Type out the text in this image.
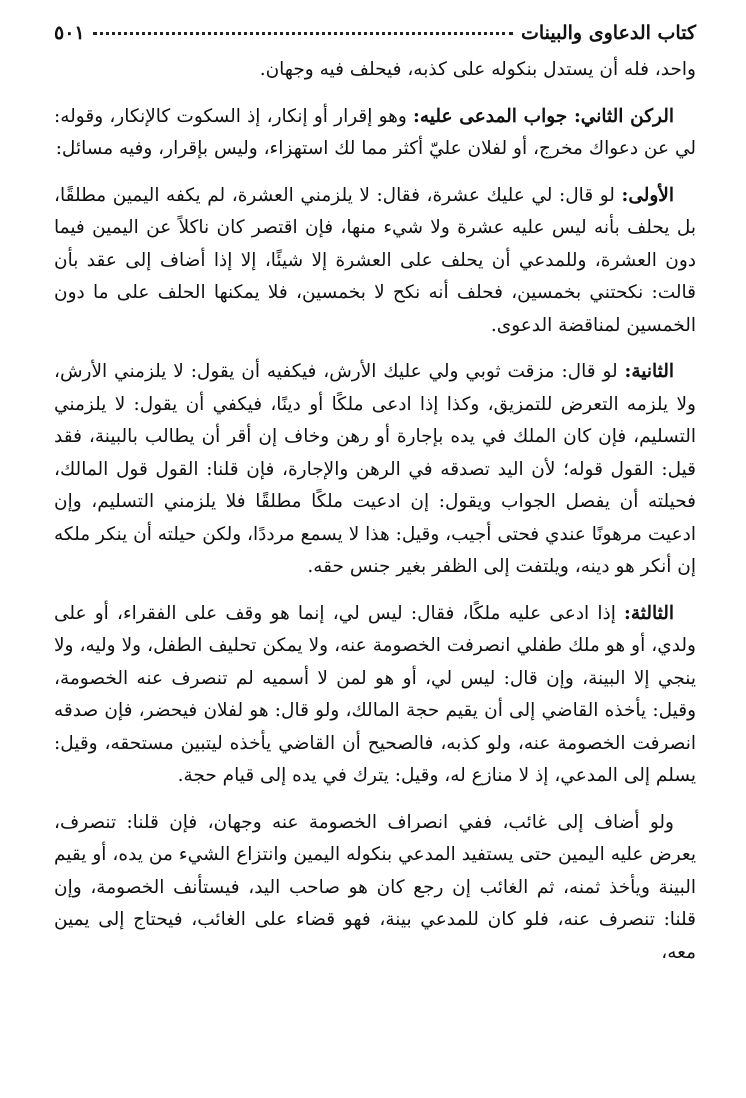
كتاب الدعاوى والبينات
٥٠١

واحد، فله أن يستدل بنكوله على كذبه، فيحلف فيه وجهان.

الركن الثاني: جواب المدعى عليه: وهو إقرار أو إنكار، إذ السكوت كالإنكار، وقوله: لي عن دعواك مخرج، أو لفلان عليّ أكثر مما لك استهزاء، وليس بإقرار، وفيه مسائل:

الأولى: لو قال: لي عليك عشرة، فقال: لا يلزمني العشرة، لم يكفه اليمين مطلقًا، بل يحلف بأنه ليس عليه عشرة ولا شيء منها، فإن اقتصر كان ناكلاً عن اليمين فيما دون العشرة، وللمدعي أن يحلف على العشرة إلا شيئًا، إلا إذا أضاف إلى عقد بأن قالت: نكحتني بخمسين، فحلف أنه نكح لا بخمسين، فلا يمكنها الحلف على ما دون الخمسين لمناقضة الدعوى.

الثانية: لو قال: مزقت ثوبي ولي عليك الأرش، فيكفيه أن يقول: لا يلزمني الأرش، ولا يلزمه التعرض للتمزيق، وكذا إذا ادعى ملكًا أو دينًا، فيكفي أن يقول: لا يلزمني التسليم، فإن كان الملك في يده بإجارة أو رهن وخاف إن أقر أن يطالب بالبينة، فقد قيل: القول قوله؛ لأن اليد تصدقه في الرهن والإجارة، فإن قلنا: القول قول المالك، فحيلته أن يفصل الجواب ويقول: إن ادعيت ملكًا مطلقًا فلا يلزمني التسليم، وإن ادعيت مرهونًا عندي فحتى أجيب، وقيل: هذا لا يسمع مرددًا، ولكن حيلته أن ينكر ملكه إن أنكر هو دينه، ويلتفت إلى الظفر بغير جنس حقه.

الثالثة: إذا ادعى عليه ملكًا، فقال: ليس لي، إنما هو وقف على الفقراء، أو على ولدي، أو هو ملك طفلي انصرفت الخصومة عنه، ولا يمكن تحليف الطفل، ولا وليه، ولا ينجي إلا البينة، وإن قال: ليس لي، أو هو لمن لا أسميه لم تنصرف عنه الخصومة، وقيل: يأخذه القاضي إلى أن يقيم حجة المالك، ولو قال: هو لفلان فيحضر، فإن صدقه انصرفت الخصومة عنه، ولو كذبه، فالصحيح أن القاضي يأخذه ليتبين مستحقه، وقيل: يسلم إلى المدعي، إذ لا منازع له، وقيل: يترك في يده إلى قيام حجة.

ولو أضاف إلى غائب، ففي انصراف الخصومة عنه وجهان، فإن قلنا: تنصرف، يعرض عليه اليمين حتى يستفيد المدعي بنكوله اليمين وانتزاع الشيء من يده، أو يقيم البينة ويأخذ ثمنه، ثم الغائب إن رجع كان هو صاحب اليد، فيستأنف الخصومة، وإن قلنا: تنصرف عنه، فلو كان للمدعي بينة، فهو قضاء على الغائب، فيحتاج إلى يمين معه،
